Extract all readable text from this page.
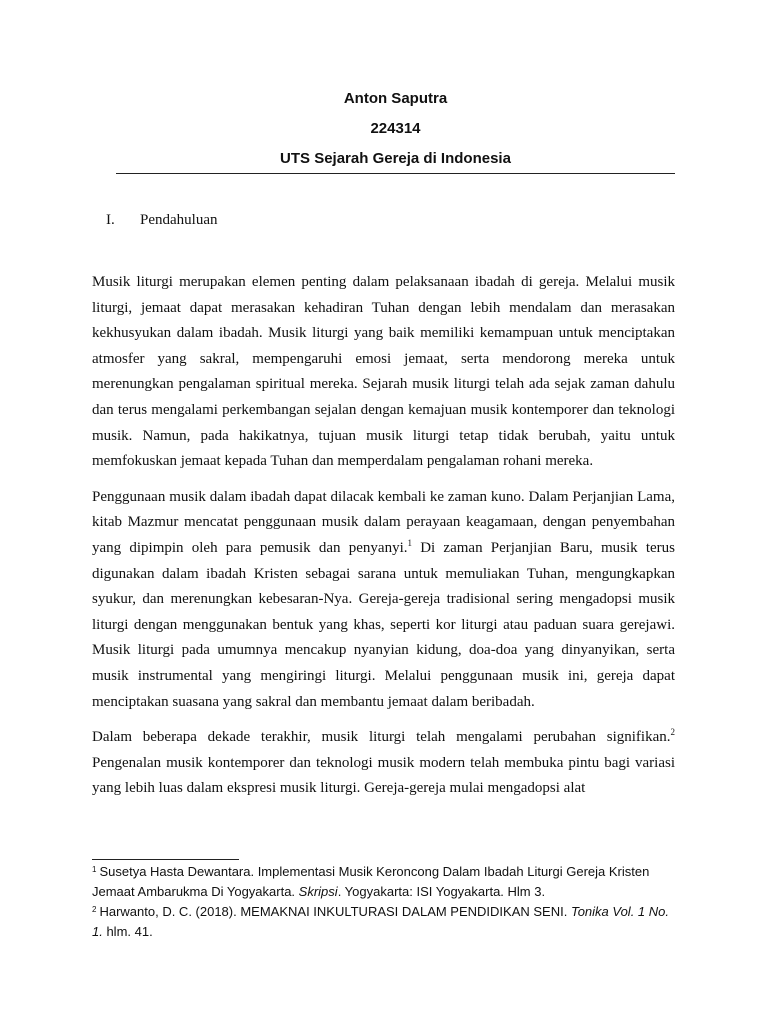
Anton Saputra
224314
UTS Sejarah Gereja di Indonesia
I. Pendahuluan

Musik liturgi merupakan elemen penting dalam pelaksanaan ibadah di gereja. Melalui musik liturgi, jemaat dapat merasakan kehadiran Tuhan dengan lebih mendalam dan merasakan kekhusyukan dalam ibadah. Musik liturgi yang baik memiliki kemampuan untuk menciptakan atmosfer yang sakral, mempengaruhi emosi jemaat, serta mendorong mereka untuk merenungkan pengalaman spiritual mereka. Sejarah musik liturgi telah ada sejak zaman dahulu dan terus mengalami perkembangan sejalan dengan kemajuan musik kontemporer dan teknologi musik. Namun, pada hakikatnya, tujuan musik liturgi tetap tidak berubah, yaitu untuk memfokuskan jemaat kepada Tuhan dan memperdalam pengalaman rohani mereka.

Penggunaan musik dalam ibadah dapat dilacak kembali ke zaman kuno. Dalam Perjanjian Lama, kitab Mazmur mencatat penggunaan musik dalam perayaan keagamaan, dengan penyembahan yang dipimpin oleh para pemusik dan penyanyi.$^1$ Di zaman Perjanjian Baru, musik terus digunakan dalam ibadah Kristen sebagai sarana untuk memuliakan Tuhan, mengungkapkan syukur, dan merenungkan kebesaran-Nya. Gereja-gereja tradisional sering mengadopsi musik liturgi dengan menggunakan bentuk yang khas, seperti kor liturgi atau paduan suara gerejawi. Musik liturgi pada umumnya mencakup nyanyian kidung, doa-doa yang dinyanyikan, serta musik instrumental yang mengiringi liturgi. Melalui penggunaan musik ini, gereja dapat menciptakan suasana yang sakral dan membantu jemaat dalam beribadah.

Dalam beberapa dekade terakhir, musik liturgi telah mengalami perubahan signifikan.$^2$ Pengenalan musik kontemporer dan teknologi musik modern telah membuka pintu bagi variasi yang lebih luas dalam ekspresi musik liturgi. Gereja-gereja mulai mengadopsi alat

$^1$ Susetya Hasta Dewantara. Implementasi Musik Keroncong Dalam Ibadah Liturgi Gereja Kristen Jemaat Ambarukma Di Yogyakarta. Skripsi. Yogyakarta: ISI Yogyakarta. Hlm 3.

$^2$ Harwanto, D. C. (2018). MEMAKNAI INKULTURASI DALAM PENDIDIKAN SENI. Tonika Vol. 1 No. 1. hlm. 41.
